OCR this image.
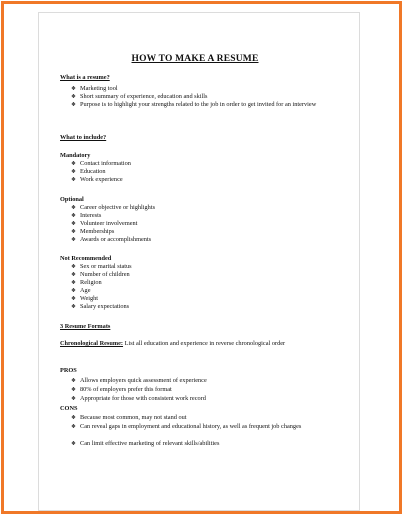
HOW TO MAKE A RESUME
What is a resume?
❖ Marketing tool
❖ Short summary of experience, education and skills
❖ Purpose is to highlight your strengths related to the job in order to get invited for an interview
What to include?
Mandatory
❖ Contact information
❖ Education
❖ Work experience
Optional
❖ Career objective or highlights
❖ Interests
❖ Volunteer involvement
❖ Memberships
❖ Awards or accomplishments
Not Recommended
❖ Sex or marital status
❖ Number of children
❖ Religion
❖ Age
❖ Weight
❖ Salary expectations
3 Resume Formats
Chronological Resume: List all education and experience in reverse chronological order
PROS
❖ Allows employers quick assessment of experience
❖ 80% of employers prefer this format
❖ Appropriate for those with consistent work record
CONS
❖ Because most common, may not stand out
❖ Can reveal gaps in employment and educational history, as well as frequent job changes
❖ Can limit effective marketing of relevant skills/abilities
